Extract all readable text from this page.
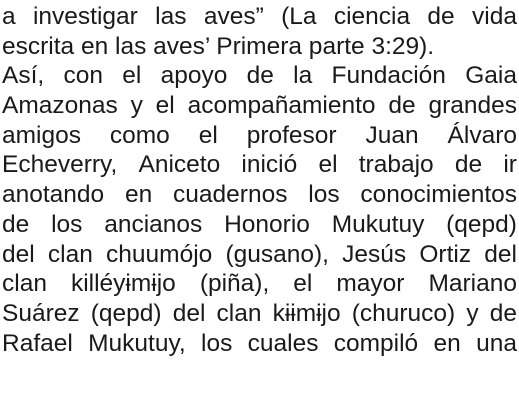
a investigar las aves” (La ciencia de vida
escrita en las aves’ Primera parte 3:29).
Así, con el apoyo de la Fundación Gaia
Amazonas y el acompañamiento de grandes
amigos como el profesor Juan Álvaro
Echeverry, Aniceto inició el trabajo de ir
anotando en cuadernos los conocimientos
de los ancianos Honorio Mukutuy (qepd)
del clan chuumójo (gusano), Jesús Ortiz del
clan killéyɨmɨjo (piña), el mayor Mariano
Suárez (qepd) del clan kɨɨmɨjo (churuco) y de
Rafael Mukutuy, los cuales compiló en una
